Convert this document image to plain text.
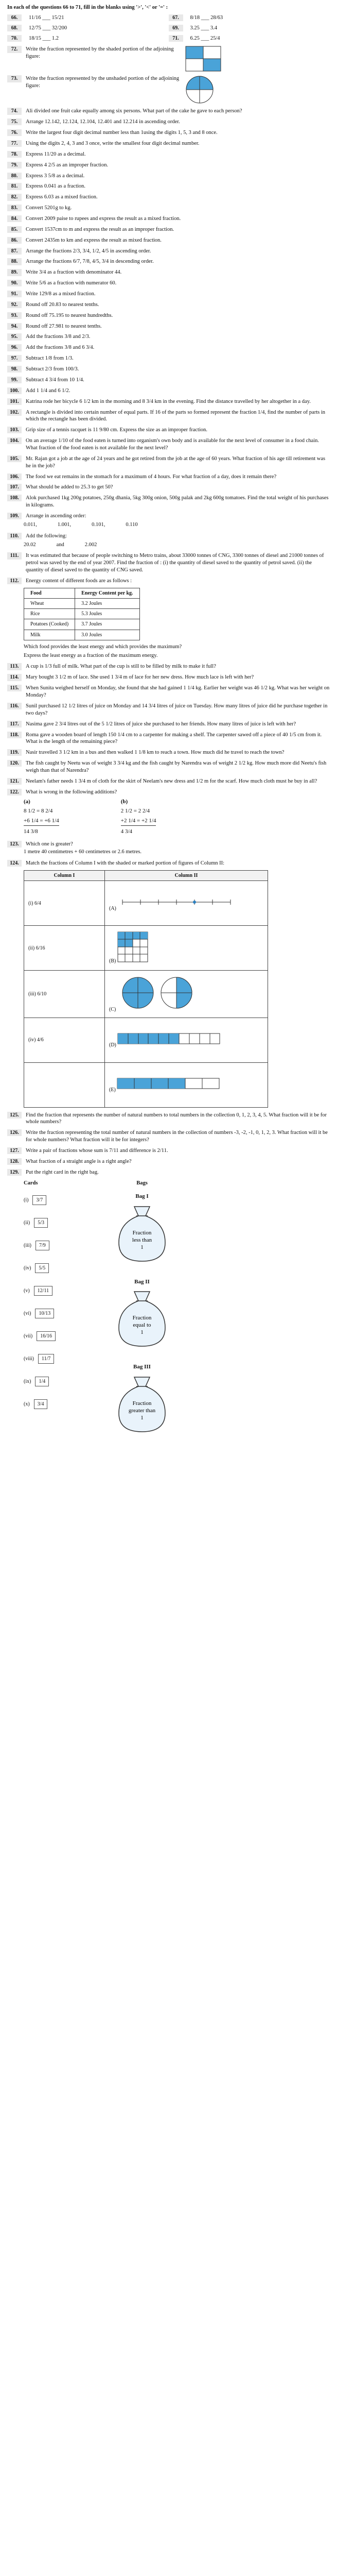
In each of the questions 66 to 71, fill in the blanks using '>', '<' or '=' :
66.	11/16 ___ 15/21	67.	8/18 ___ 28/63
68.	12/75 ___ 32/200	69.	3.25 ___ 3.4
70.	18/15 ___ 1.2	71.	6.25 ___ 25/4
72.	Write the fraction represented by the shaded portion of the adjoining figure:
73.	Write the fraction represented by the unshaded portion of the adjoining figure:
74.	Ali divided one fruit cake equally among six persons. What part of the cake he gave to each person?
75.	Arrange 12.142, 12.124, 12.104, 12.401 and 12.214 in ascending order.
76.	Write the largest four digit decimal number less than 1using the digits 1, 5, 3 and 8 once.
77.	Using the digits 2, 4, 3 and 3 once, write the smallest four digit decimal number.
78.	Express 11/20 as a decimal.
79.	Express 4 2/5 as an improper fraction.
80.	Express 3 5/8 as a decimal.
81.	Express 0.041 as a fraction.
82.	Express 6.03 as a mixed fraction.
83.	Convert 5201g to kg.
84.	Convert 2009 paise to rupees and express the result as a mixed fraction.
85.	Convert 1537cm to m and express the result as an improper fraction.
86.	Convert 2435m to km and express the result as mixed fraction.
87.	Arrange the fractions 2/3, 3/4, 1/2, 4/5 in ascending order.
88.	Arrange the fractions 6/7, 7/8, 4/5, 3/4 in descending order.
89.	Write 3/4 as a fraction with denominator 44.
90.	Write 5/6 as a fraction with numerator 60.
91.	Write 129/8 as a mixed fraction.
92.	Round off 20.83 to nearest tenths.
93.	Round off 75.195 to nearest hundredths.
94.	Round off 27.981 to nearest tenths.
95.	Add the fractions 3/8 and 2/3.
96.	Add the fractions 3/8 and 6 3/4.
97.	Subtract 1/8 from 1/3.
98.	Subtract 2/3 from 100/3.
99.	Subtract 4 3/4 from 10 1/4.
100.	Add 1 1/4 and 6 1/2.
101.	Katrina rode her bicycle 6 1/2 km in the morning and 8 3/4 km in the evening. Find the distance travelled by her altogether in a day.
102.	A rectangle is divided into certain number of equal parts. If 16 of the parts so formed represent the fraction 1/4, find the number of parts in which the rectangle has been divided.
103.	Grip size of a tennis racquet is 11 9/80 cm. Express the size as an improper fraction.
104.	On an average 1/10 of the food eaten is turned into organism's own body and is available for the next level of consumer in a food chain. What fraction of the food eaten is not available for the next level?
105.	Mr. Rajan got a job at the age of 24 years and he got retired from the job at the age of 60 years. What fraction of his age till retirement was he in the job?
106.	The food we eat remains in the stomach for a maximum of 4 hours. For what fraction of a day, does it remain there?
107.	What should be added to 25.3 to get 50?
108.	Alok purchased 1kg 200g potatoes, 250g dhania, 5kg 300g onion, 500g palak and 2kg 600g tomatoes. Find the total weight of his purchases in kilograms.
109.	Arrange in ascending order:
0.011,	1.001,	0.101,	0.110
110.	Add the following:
20.02	and	2.002
111.	It was estimated that because of people switching to Metro trains, about 33000 tonnes of CNG, 3300 tonnes of diesel and 21000 tonnes of petrol was saved by the end of year 2007. Find the fraction of : (i) the quantity of diesel saved to the quantity of petrol saved. (ii) the quantity of diesel saved to the quantity of CNG saved.
112.	Energy content of different foods are as follows :
Food	Energy Content per kg.
Wheat	3.2 Joules
Rice	5.3 Joules
Potatoes (Cooked)	3.7 Joules
Milk	3.0 Joules
Which food provides the least energy and which provides the maximum?
Express the least energy as a fraction of the maximum energy.
113.	A cup is 1/3 full of milk. What part of the cup is still to be filled by milk to make it full?
114.	Mary bought 3 1/2 m of lace. She used 1 3/4 m of lace for her new dress. How much lace is left with her?
115.	When Sunita weighed herself on Monday, she found that she had gained 1 1/4 kg. Earlier her weight was 46 1/2 kg. What was her weight on Monday?
116.	Sunil purchased 12 1/2 litres of juice on Monday and 14 3/4 litres of juice on Tuesday. How many litres of juice did he purchase together in two days?
117.	Nasima gave 2 3/4 litres out of the 5 1/2 litres of juice she purchased to her friends. How many litres of juice is left with her?
118.	Roma gave a wooden board of length 150 1/4 cm to a carpenter for making a shelf. The carpenter sawed off a piece of 40 1/5 cm from it. What is the length of the remaining piece?
119.	Nasir travelled 3 1/2 km in a bus and then walked 1 1/8 km to reach a town. How much did he travel to reach the town?
120.	The fish caught by Neetu was of weight 3 3/4 kg and the fish caught by Narendra was of weight 2 1/2 kg. How much more did Neetu's fish weigh than that of Narendra?
121.	Neelam's father needs 1 3/4 m of cloth for the skirt of Neelam's new dress and 1/2 m for the scarf. How much cloth must he buy in all?
122.	What is wrong in the following additions?
(a)
8 1/2 = 8 2/4
+6 1/4 = +6 1/4
14 3/8
(b)
2 1/2 = 2 2/4
+2 1/4 = +2 1/4
4 3/4
123.	Which one is greater?
1 metre 40 centimetres + 60 centimetres or 2.6 metres.
124.	Match the fractions of Column I with the shaded or marked portion of figures of Column II:
Column I	Column II
(i) 6/4	(A)
(ii) 6/16	(B)
(iii) 6/10	(C)
(iv) 4/6	(D)
	(E)
125.	Find the fraction that represents the number of natural numbers to total numbers in the collection 0, 1, 2, 3, 4, 5. What fraction will it be for whole numbers?
126.	Write the fraction representing the total number of natural numbers in the collection of numbers -3, -2, -1, 0, 1, 2, 3. What fraction will it be for whole numbers? What fraction will it be for integers?
127.	Write a pair of fractions whose sum is 7/11 and difference is 2/11.
128.	What fraction of a straight angle is a right angle?
129.	Put the right card in the right bag.
Cards
(i)	3/7
(ii)	5/3
(iii)	7/9
(iv)	5/5
(v)	12/11
(vi)	10/13
(vii)	16/16
(viii)	11/7
(ix)	1/4
(x)	3/4
Bags
Bag I
Fraction
less than
1
Bag II
Fraction
equal to
1
Bag III
Fraction
greater than
1
